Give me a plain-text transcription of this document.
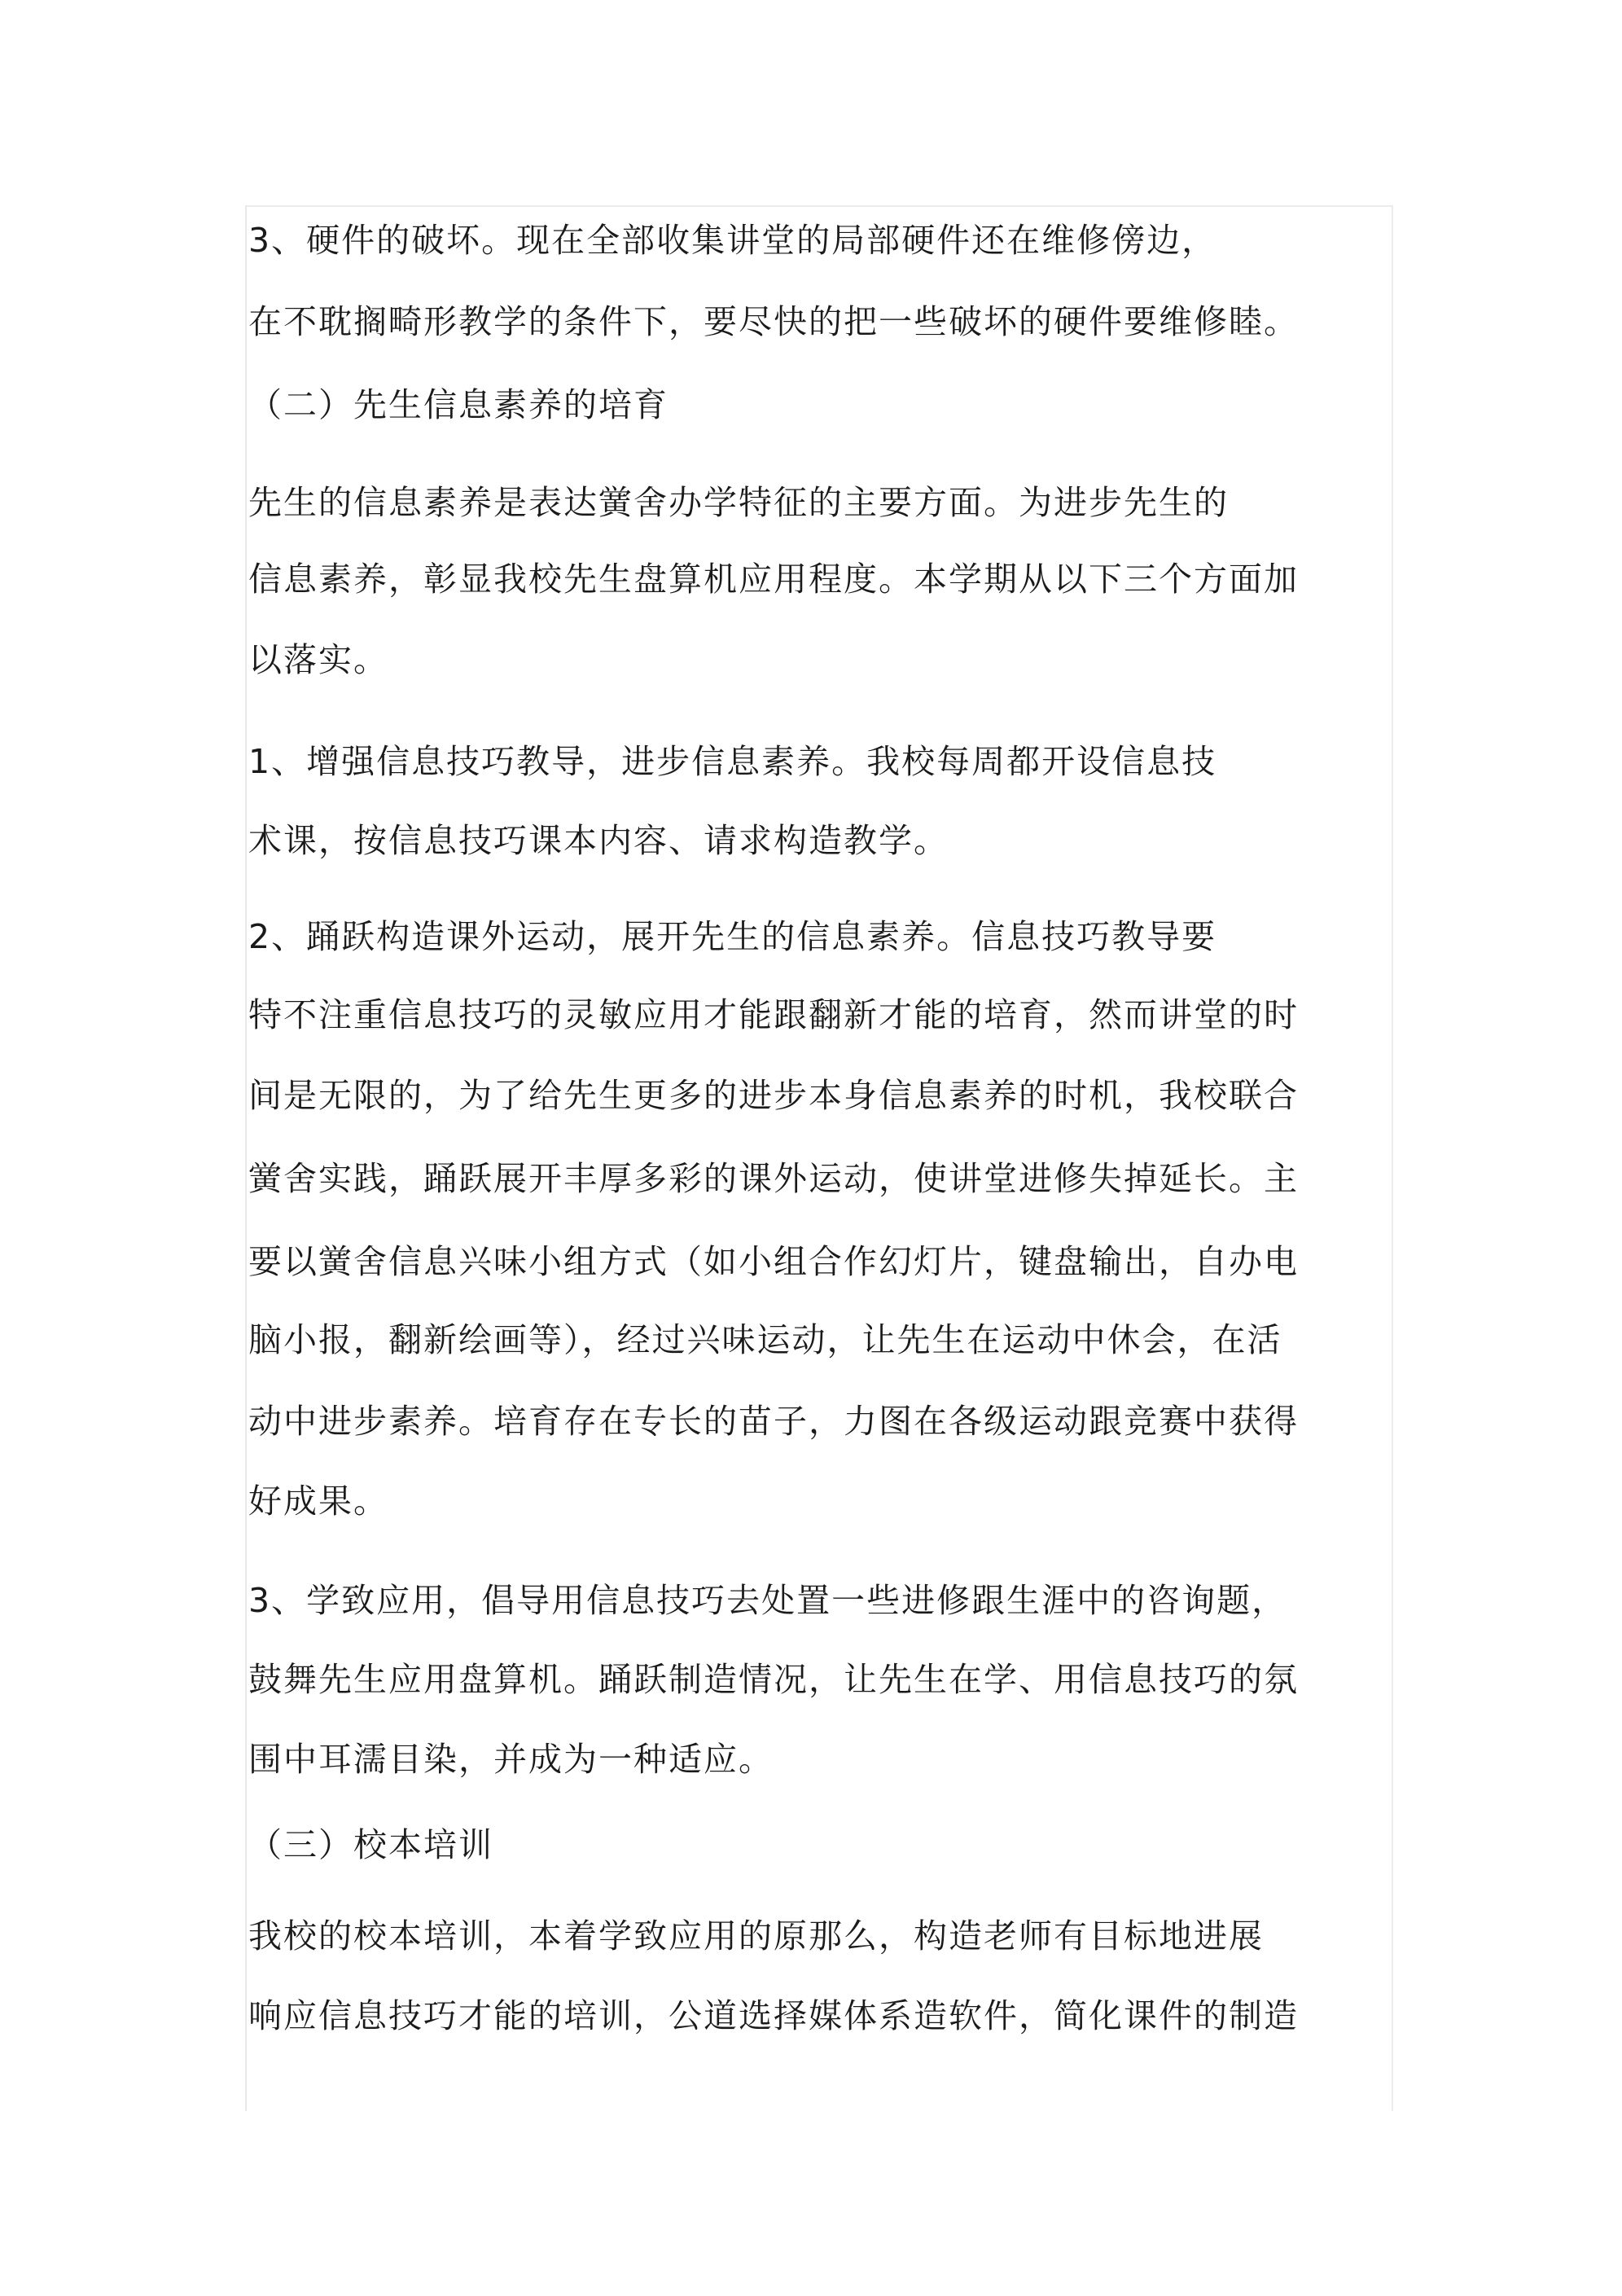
3、硬件的破坏。现在全部收集讲堂的局部硬件还在维修傍边，
在不耽搁畸形教学的条件下，要尽快的把一些破坏的硬件要维修睦。
（二）先生信息素养的培育
先生的信息素养是表达黉舍办学特征的主要方面。为进步先生的
信息素养，彰显我校先生盘算机应用程度。本学期从以下三个方面加
以落实。
1、增强信息技巧教导，进步信息素养。我校每周都开设信息技
术课，按信息技巧课本内容、请求构造教学。
2、踊跃构造课外运动，展开先生的信息素养。信息技巧教导要
特不注重信息技巧的灵敏应用才能跟翻新才能的培育，然而讲堂的时
间是无限的，为了给先生更多的进步本身信息素养的时机，我校联合
黉舍实践，踊跃展开丰厚多彩的课外运动，使讲堂进修失掉延长。主
要以黉舍信息兴味小组方式（如小组合作幻灯片，键盘输出，自办电
脑小报，翻新绘画等），经过兴味运动，让先生在运动中休会，在活
动中进步素养。培育存在专长的苗子，力图在各级运动跟竞赛中获得
好成果。
3、学致应用，倡导用信息技巧去处置一些进修跟生涯中的咨询题，
鼓舞先生应用盘算机。踊跃制造情况，让先生在学、用信息技巧的氛
围中耳濡目染，并成为一种适应。
（三）校本培训
我校的校本培训，本着学致应用的原那么，构造老师有目标地进展
响应信息技巧才能的培训，公道选择媒体系造软件，简化课件的制造
